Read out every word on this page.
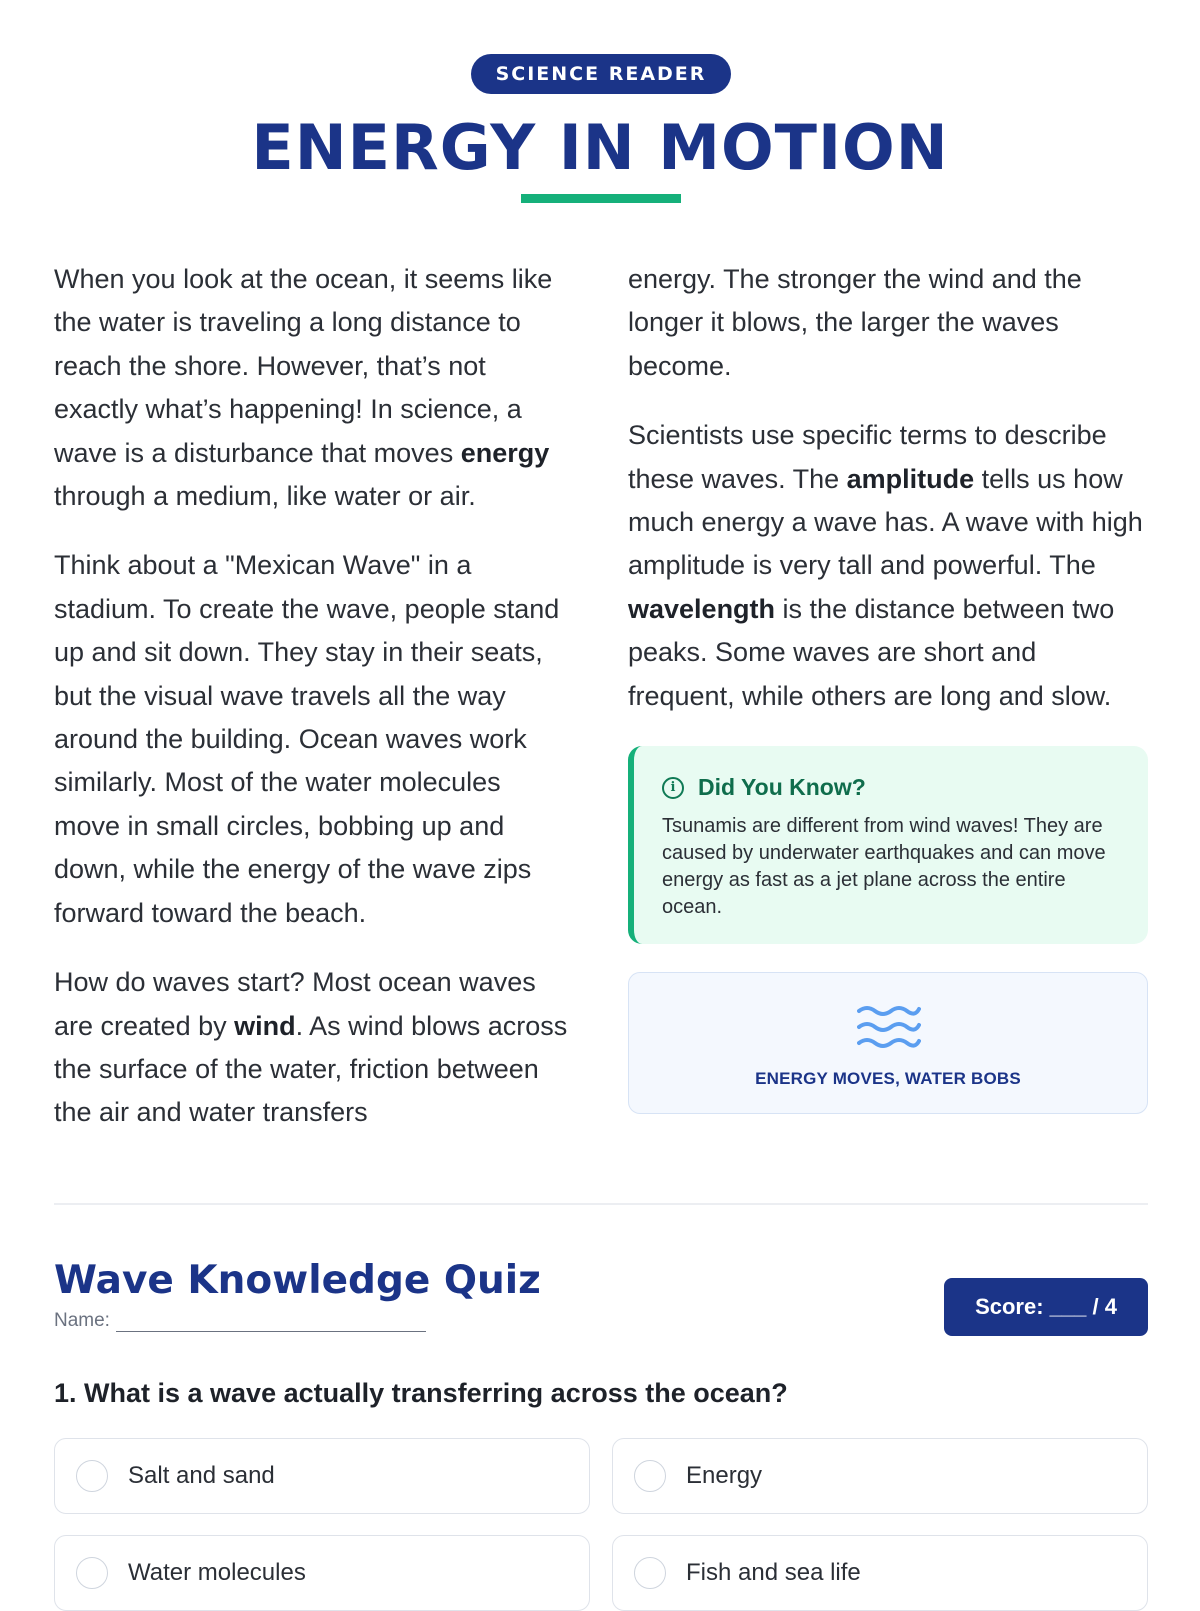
SCIENCE READER
ENERGY IN MOTION

When you look at the ocean, it seems like the water is traveling a long distance to reach the shore. However, that’s not exactly what’s happening! In science, a wave is a disturbance that moves energy through a medium, like water or air.

Think about a "Mexican Wave" in a stadium. To create the wave, people stand up and sit down. They stay in their seats, but the visual wave travels all the way around the building. Ocean waves work similarly. Most of the water molecules move in small circles, bobbing up and down, while the energy of the wave zips forward toward the beach.

How do waves start? Most ocean waves are created by wind. As wind blows across the surface of the water, friction between the air and water transfers

energy. The stronger the wind and the longer it blows, the larger the waves become.

Scientists use specific terms to describe these waves. The amplitude tells us how much energy a wave has. A wave with high amplitude is very tall and powerful. The wavelength is the distance between two peaks. Some waves are short and frequent, while others are long and slow.

i Did You Know?
Tsunamis are different from wind waves! They are caused by underwater earthquakes and can move energy as fast as a jet plane across the entire ocean.
ENERGY MOVES, WATER BOBS
Wave Knowledge Quiz
Name:
Score: ___ / 4

1. What is a wave actually transferring across the ocean?

Salt and sand	Energy
Water molecules	Fish and sea life
